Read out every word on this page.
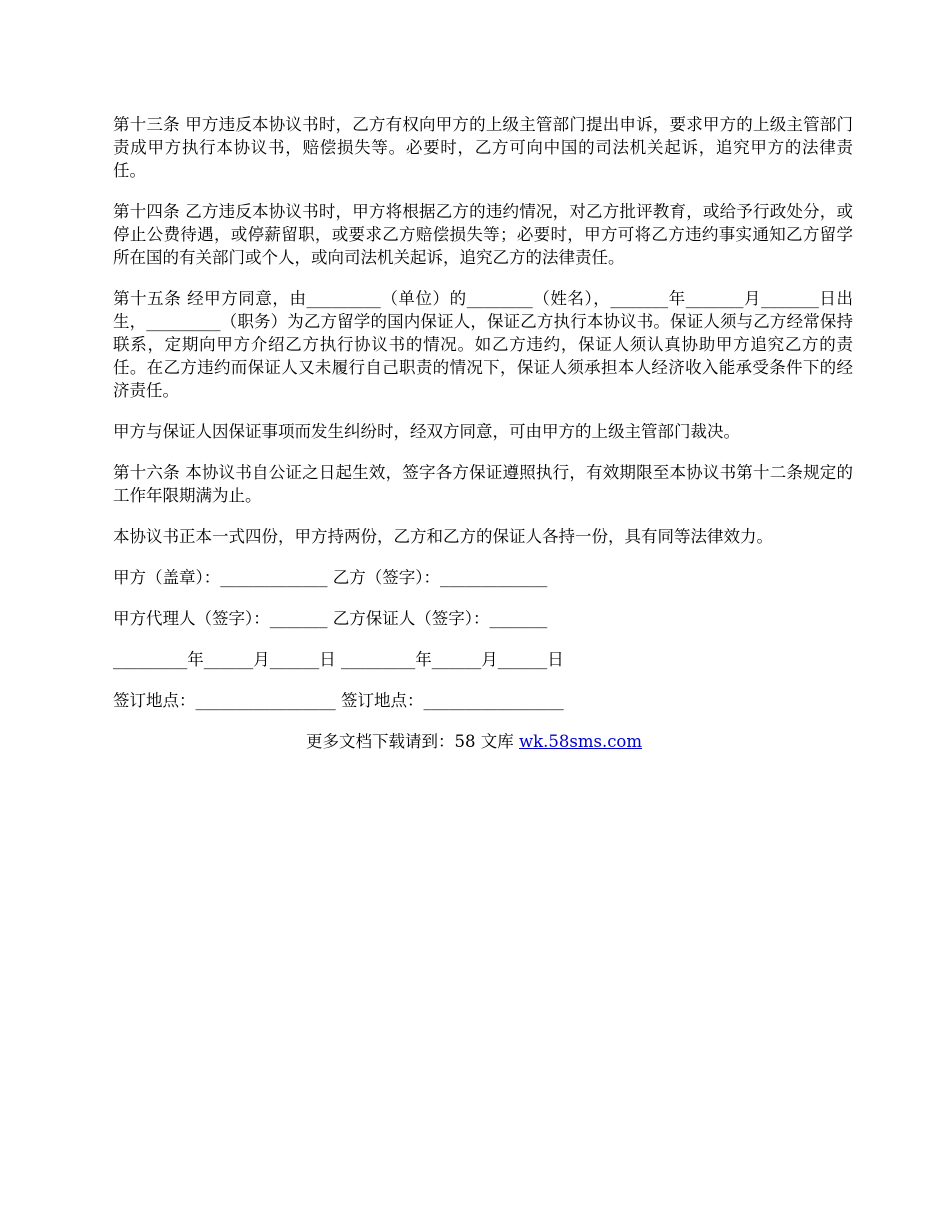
第十三条 甲方违反本协议书时，乙方有权向甲方的上级主管部门提出申诉，要求甲方的上级主管部门责成甲方执行本协议书，赔偿损失等。必要时，乙方可向中国的司法机关起诉，追究甲方的法律责任。

第十四条 乙方违反本协议书时，甲方将根据乙方的违约情况，对乙方批评教育，或给予行政处分，或停止公费待遇，或停薪留职，或要求乙方赔偿损失等；必要时，甲方可将乙方违约事实通知乙方留学所在国的有关部门或个人，或向司法机关起诉，追究乙方的法律责任。

第十五条 经甲方同意，由_________（单位）的________（姓名），_______年_______月_______日出生，_________（职务）为乙方留学的国内保证人，保证乙方执行本协议书。保证人须与乙方经常保持联系，定期向甲方介绍乙方执行协议书的情况。如乙方违约，保证人须认真协助甲方追究乙方的责任。在乙方违约而保证人又未履行自己职责的情况下，保证人须承担本人经济收入能承受条件下的经济责任。

甲方与保证人因保证事项而发生纠纷时，经双方同意，可由甲方的上级主管部门裁决。

第十六条 本协议书自公证之日起生效，签字各方保证遵照执行，有效期限至本协议书第十二条规定的工作年限期满为止。

本协议书正本一式四份，甲方持两份，乙方和乙方的保证人各持一份，具有同等法律效力。

甲方（盖章）：_____________ 乙方（签字）：_____________
甲方代理人（签字）：_______ 乙方保证人（签字）：_______
_________年______月______日 _________年______月______日
签订地点：_________________ 签订地点：_________________
更多文档下载请到：58 文库 wk.58sms.com
